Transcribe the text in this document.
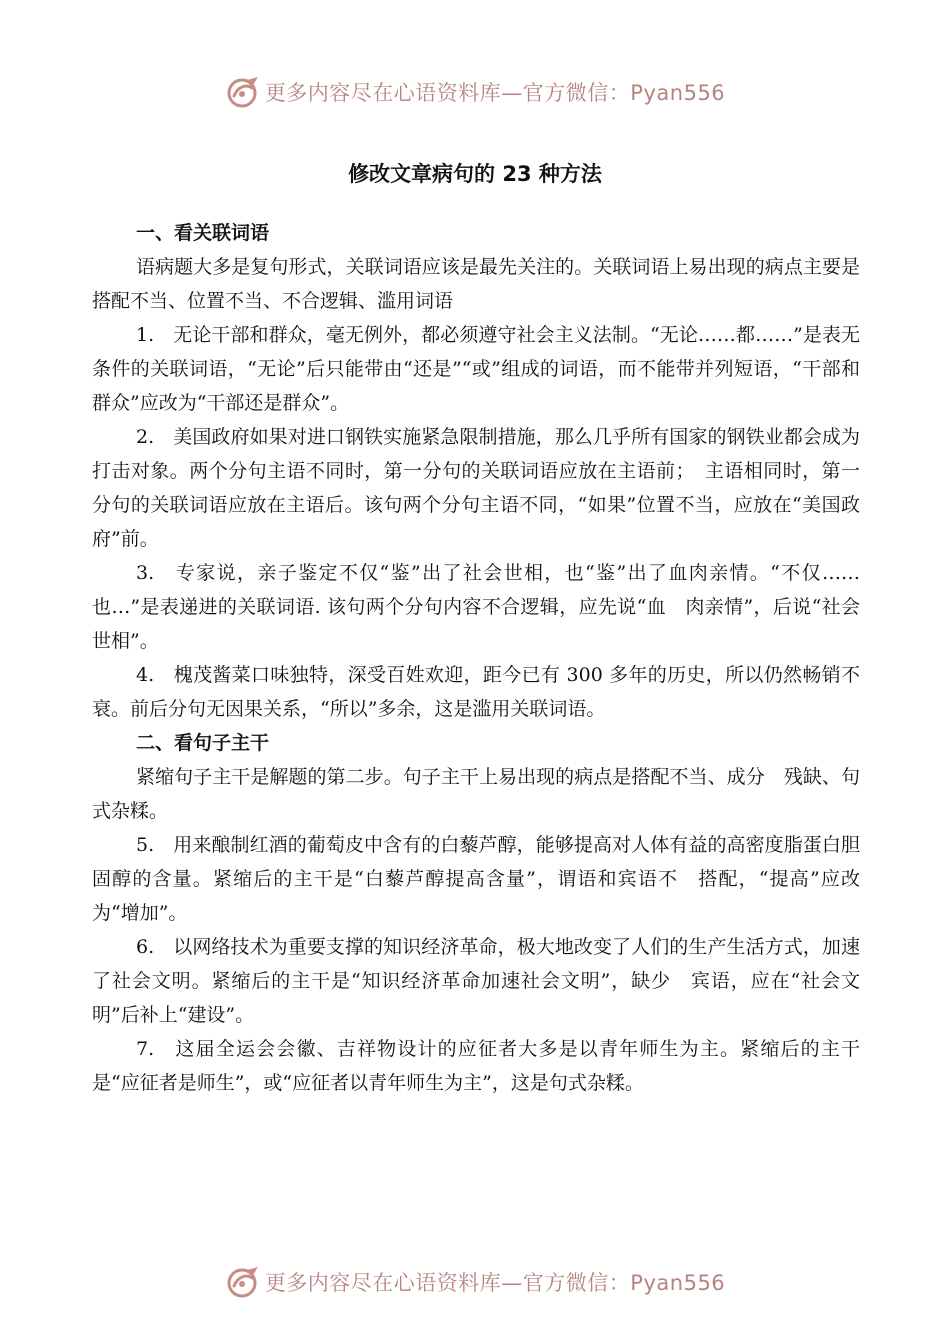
更多内容尽在心语资料库—官方微信：Pyan556
修改文章病句的 23 种方法

一、看关联词语

语病题大多是复句形式，关联词语应该是最先关注的。关联词语上易出现的病点主要是搭配不当、位置不当、不合逻辑、滥用词语

1.　无论干部和群众，毫无例外，都必须遵守社会主义法制。“无论……都……”是表无条件的关联词语，“无论”后只能带由“还是”“或”组成的词语，而不能带并列短语，“干部和群众”应改为“干部还是群众”。

2.　美国政府如果对进口钢铁实施紧急限制措施，那么几乎所有国家的钢铁业都会成为打击对象。两个分句主语不同时，第一分句的关联词语应放在主语前；　主语相同时，第一分句的关联词语应放在主语后。该句两个分句主语不同，“如果”位置不当，应放在“美国政府”前。

3.　专家说，亲子鉴定不仅“鉴”出了社会世相，也“鉴”出了血肉亲情。“不仅……也…”是表递进的关联词语. 该句两个分句内容不合逻辑，应先说“血　肉亲情”，后说“社会世相”。

4.　槐茂酱菜口味独特，深受百姓欢迎，距今已有 300 多年的历史，所以仍然畅销不衰。前后分句无因果关系，“所以”多余，这是滥用关联词语。

二、看句子主干

紧缩句子主干是解题的第二步。句子主干上易出现的病点是搭配不当、成分　残缺、句式杂糅。

5.　用来酿制红酒的葡萄皮中含有的白藜芦醇，能够提高对人体有益的高密度脂蛋白胆固醇的含量。紧缩后的主干是“白藜芦醇提高含量”，谓语和宾语不　搭配，“提高”应改为“增加”。

6.　以网络技术为重要支撑的知识经济革命，极大地改变了人们的生产生活方式，加速了社会文明。紧缩后的主干是“知识经济革命加速社会文明”，缺少　宾语，应在“社会文明”后补上“建设”。

7.　这届全运会会徽、吉祥物设计的应征者大多是以青年师生为主。紧缩后的主干是“应征者是师生”，或“应征者以青年师生为主”，这是句式杂糅。

更多内容尽在心语资料库—官方微信：Pyan556
